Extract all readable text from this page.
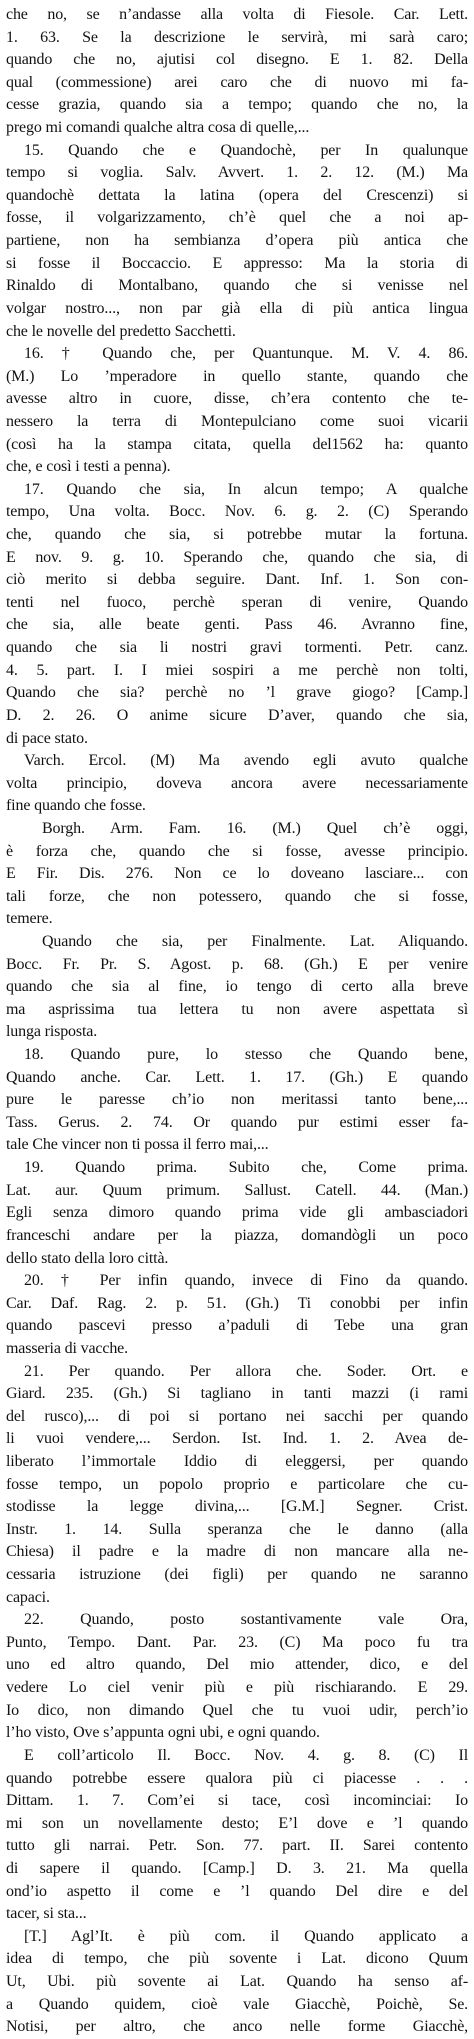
che no, se n’andasse alla volta di Fiesole. Car. Lett.
1. 63. Se la descrizione le servirà, mi sarà caro;
quando che no, ajutisi col disegno. E 1. 82. Della
qual (commessione) arei caro che di nuovo mi fa-
cesse grazia, quando sia a tempo; quando che no, la
prego mi comandi qualche altra cosa di quelle,...
15. Quando che e Quandochè, per In qualunque
tempo si voglia. Salv. Avvert. 1. 2. 12. (M.) Ma
quandochè dettata la latina (opera del Crescenzi) si
fosse, il volgarizzamento, ch’è quel che a noi ap-
partiene, non ha sembianza d’opera più antica che
si fosse il Boccaccio. E appresso: Ma la storia di
Rinaldo di Montalbano, quando che si venisse nel
volgar nostro..., non par già ella di più antica lingua
che le novelle del predetto Sacchetti.
16. † Quando che, per Quantunque. M. V. 4. 86.
(M.) Lo ’mperadore in quello stante, quando che
avesse altro in cuore, disse, ch’era contento che te-
nessero la terra di Montepulciano come suoi vicarii
(così ha la stampa citata, quella del1562 ha: quanto
che, e così i testi a penna).
17. Quando che sia, In alcun tempo; A qualche
tempo, Una volta. Bocc. Nov. 6. g. 2. (C) Sperando
che, quando che sia, si potrebbe mutar la fortuna.
E nov. 9. g. 10. Sperando che, quando che sia, di
ciò merito si debba seguire. Dant. Inf. 1. Son con-
tenti nel fuoco, perchè speran di venire, Quando
che sia, alle beate genti. Pass 46. Avranno fine,
quando che sia li nostri gravi tormenti. Petr. canz.
4. 5. part. I. I miei sospiri a me perchè non tolti,
Quando che sia? perchè no ’l grave giogo? [Camp.]
D. 2. 26. O anime sicure D’aver, quando che sia,
di pace stato.
Varch. Ercol. (M) Ma avendo egli avuto qualche
volta principio, doveva ancora avere necessariamente
fine quando che fosse.
Borgh. Arm. Fam. 16. (M.) Quel ch’è oggi,
è forza che, quando che si fosse, avesse principio.
E Fir. Dis. 276. Non ce lo doveano lasciare... con
tali forze, che non potessero, quando che si fosse,
temere.
Quando che sia, per Finalmente. Lat. Aliquando.
Bocc. Fr. Pr. S. Agost. p. 68. (Gh.) E per venire
quando che sia al fine, io tengo di certo alla breve
ma asprissima tua lettera tu non avere aspettata sì
lunga risposta.
18. Quando pure, lo stesso che Quando bene,
Quando anche. Car. Lett. 1. 17. (Gh.) E quando
pure le paresse ch’io non meritassi tanto bene,...
Tass. Gerus. 2. 74. Or quando pur estimi esser fa-
tale Che vincer non ti possa il ferro mai,...
19. Quando prima. Subito che, Come prima.
Lat. aur. Quum primum. Sallust. Catell. 44. (Man.)
Egli senza dimoro quando prima vide gli ambasciadori
franceschi andare per la piazza, domandògli un poco
dello stato della loro città.
20. † Per infin quando, invece di Fino da quando.
Car. Daf. Rag. 2. p. 51. (Gh.) Ti conobbi per infin
quando pascevi presso a’paduli di Tebe una gran
masseria di vacche.
21. Per quando. Per allora che. Soder. Ort. e
Giard. 235. (Gh.) Si tagliano in tanti mazzi (i rami
del rusco),... di poi si portano nei sacchi per quando
li vuoi vendere,... Serdon. Ist. Ind. 1. 2. Avea de-
liberato l’immortale Iddio di eleggersi, per quando
fosse tempo, un popolo proprio e particolare che cu-
stodisse la legge divina,... [G.M.] Segner. Crist.
Instr. 1. 14. Sulla speranza che le danno (alla
Chiesa) il padre e la madre di non mancare alla ne-
cessaria istruzione (dei figli) per quando ne saranno
capaci.
22. Quando, posto sostantivamente vale Ora,
Punto, Tempo. Dant. Par. 23. (C) Ma poco fu tra
uno ed altro quando, Del mio attender, dico, e del
vedere Lo ciel venir più e più rischiarando. E 29.
Io dico, non dimando Quel che tu vuoi udir, perch’io
l’ho visto, Ove s’appunta ogni ubi, e ogni quando.
E coll’articolo Il. Bocc. Nov. 4. g. 8. (C) Il
quando potrebbe essere qualora più ci piacesse . . .
Dittam. 1. 7. Com’ei si tace, così incominciai: Io
mi son un novellamente desto; E’l dove e ’l quando
tutto gli narrai. Petr. Son. 77. part. II. Sarei contento
di sapere il quando. [Camp.] D. 3. 21. Ma quella
ond’io aspetto il come e ’l quando Del dire e del
tacer, si sta...
[T.] Agl’It. è più com. il Quando applicato a
idea di tempo, che più sovente i Lat. dicono Quum
Ut, Ubi. più sovente ai Lat. Quando ha senso af-
a Quando quidem, cioè vale Giacchè, Poichè, Se.
Notisi, per altro, che anco nelle forme Giacchè,
